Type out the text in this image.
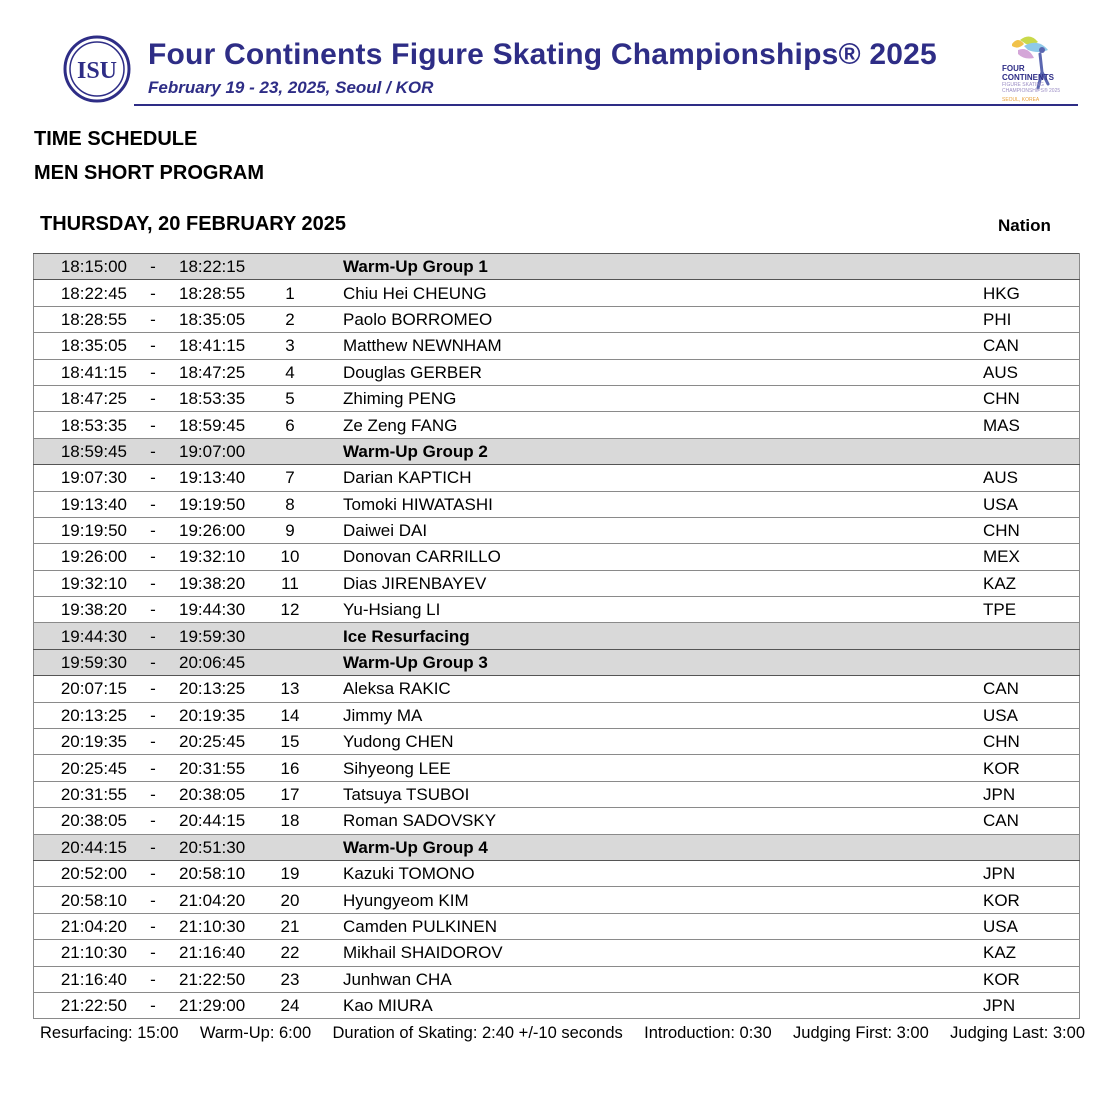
ISU Four Continents Figure Skating Championships® 2025
February 19 - 23, 2025, Seoul / KOR
FOUR
CONTINENTS
FIGURE SKATING
CHAMPIONSHIPS® 2025
SEOUL, KOREA
TIME SCHEDULE
MEN SHORT PROGRAM
THURSDAY, 20 FEBRUARY 2025	Nation
18:15:00	-	18:22:15		Warm-Up Group 1	
18:22:45	-	18:28:55	1	Chiu Hei CHEUNG	HKG
18:28:55	-	18:35:05	2	Paolo BORROMEO	PHI
18:35:05	-	18:41:15	3	Matthew NEWNHAM	CAN
18:41:15	-	18:47:25	4	Douglas GERBER	AUS
18:47:25	-	18:53:35	5	Zhiming PENG	CHN
18:53:35	-	18:59:45	6	Ze Zeng FANG	MAS
18:59:45	-	19:07:00		Warm-Up Group 2	
19:07:30	-	19:13:40	7	Darian KAPTICH	AUS
19:13:40	-	19:19:50	8	Tomoki HIWATASHI	USA
19:19:50	-	19:26:00	9	Daiwei DAI	CHN
19:26:00	-	19:32:10	10	Donovan CARRILLO	MEX
19:32:10	-	19:38:20	11	Dias JIRENBAYEV	KAZ
19:38:20	-	19:44:30	12	Yu-Hsiang LI	TPE
19:44:30	-	19:59:30		Ice Resurfacing	
19:59:30	-	20:06:45		Warm-Up Group 3	
20:07:15	-	20:13:25	13	Aleksa RAKIC	CAN
20:13:25	-	20:19:35	14	Jimmy MA	USA
20:19:35	-	20:25:45	15	Yudong CHEN	CHN
20:25:45	-	20:31:55	16	Sihyeong LEE	KOR
20:31:55	-	20:38:05	17	Tatsuya TSUBOI	JPN
20:38:05	-	20:44:15	18	Roman SADOVSKY	CAN
20:44:15	-	20:51:30		Warm-Up Group 4	
20:52:00	-	20:58:10	19	Kazuki TOMONO	JPN
20:58:10	-	21:04:20	20	Hyungyeom KIM	KOR
21:04:20	-	21:10:30	21	Camden PULKINEN	USA
21:10:30	-	21:16:40	22	Mikhail SHAIDOROV	KAZ
21:16:40	-	21:22:50	23	Junhwan CHA	KOR
21:22:50	-	21:29:00	24	Kao MIURA	JPN
Resurfacing: 15:00 Warm-Up: 6:00 Duration of Skating: 2:40 +/-10 seconds Introduction: 0:30 Judging First: 3:00 Judging Last: 3:00
